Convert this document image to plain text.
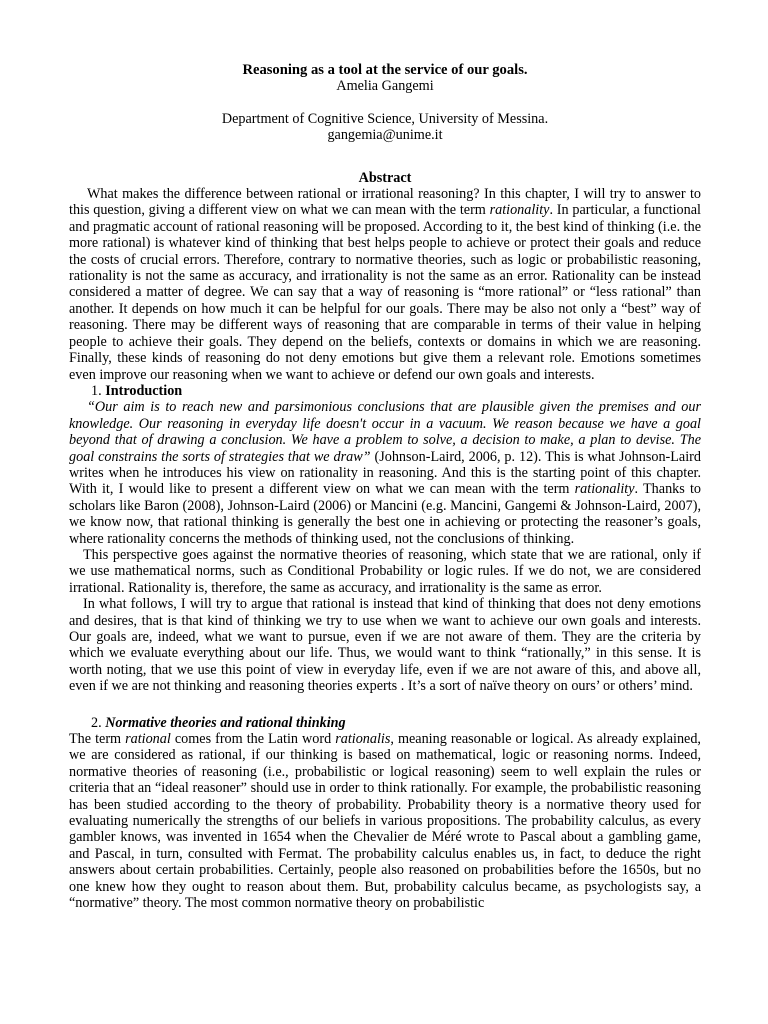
Reasoning as a tool at the service of our goals.

Amelia Gangemi

Department of Cognitive Science, University of Messina.

gangemia@unime.it

Abstract

What makes the difference between rational or irrational reasoning? In this chapter, I will try to answer to this question, giving a different view on what we can mean with the term rationality. In particular, a functional and pragmatic account of rational reasoning will be proposed. According to it, the best kind of thinking (i.e. the more rational) is whatever kind of thinking that best helps people to achieve or protect their goals and reduce the costs of crucial errors. Therefore, contrary to normative theories, such as logic or probabilistic reasoning, rationality is not the same as accuracy, and irrationality is not the same as an error. Rationality can be instead considered a matter of degree. We can say that a way of reasoning is “more rational” or “less rational” than another. It depends on how much it can be helpful for our goals. There may be also not only a “best” way of reasoning. There may be different ways of reasoning that are comparable in terms of their value in helping people to achieve their goals. They depend on the beliefs, contexts or domains in which we are reasoning. Finally, these kinds of reasoning do not deny emotions but give them a relevant role. Emotions sometimes even improve our reasoning when we want to achieve or defend our own goals and interests.

1. Introduction

“Our aim is to reach new and parsimonious conclusions that are plausible given the premises and our knowledge. Our reasoning in everyday life doesn't occur in a vacuum. We reason because we have a goal beyond that of drawing a conclusion. We have a problem to solve, a decision to make, a plan to devise. The goal constrains the sorts of strategies that we draw” (Johnson-Laird, 2006, p. 12). This is what Johnson-Laird writes when he introduces his view on rationality in reasoning. And this is the starting point of this chapter. With it, I would like to present a different view on what we can mean with the term rationality. Thanks to scholars like Baron (2008), Johnson-Laird (2006) or Mancini (e.g. Mancini, Gangemi & Johnson-Laird, 2007), we know now, that rational thinking is generally the best one in achieving or protecting the reasoner’s goals, where rationality concerns the methods of thinking used, not the conclusions of thinking.

This perspective goes against the normative theories of reasoning, which state that we are rational, only if we use mathematical norms, such as Conditional Probability or logic rules. If we do not, we are considered irrational. Rationality is, therefore, the same as accuracy, and irrationality is the same as error.

In what follows, I will try to argue that rational is instead that kind of thinking that does not deny emotions and desires, that is that kind of thinking we try to use when we want to achieve our own goals and interests. Our goals are, indeed, what we want to pursue, even if we are not aware of them. They are the criteria by which we evaluate everything about our life. Thus, we would want to think “rationally,” in this sense. It is worth noting, that we use this point of view in everyday life, even if we are not aware of this, and above all, even if we are not thinking and reasoning theories experts . It’s a sort of naïve theory on ours’ or others’ mind.

2. Normative theories and rational thinking

The term rational comes from the Latin word rationalis, meaning reasonable or logical. As already explained, we are considered as rational, if our thinking is based on mathematical, logic or reasoning norms. Indeed, normative theories of reasoning (i.e., probabilistic or logical reasoning) seem to well explain the rules or criteria that an “ideal reasoner” should use in order to think rationally. For example, the probabilistic reasoning has been studied according to the theory of probability. Probability theory is a normative theory used for evaluating numerically the strengths of our beliefs in various propositions. The probability calculus, as every gambler knows, was invented in 1654 when the Chevalier de Méré wrote to Pascal about a gambling game, and Pascal, in turn, consulted with Fermat. The probability calculus enables us, in fact, to deduce the right answers about certain probabilities. Certainly, people also reasoned on probabilities before the 1650s, but no one knew how they ought to reason about them. But, probability calculus became, as psychologists say, a “normative” theory. The most common normative theory on probabilistic
